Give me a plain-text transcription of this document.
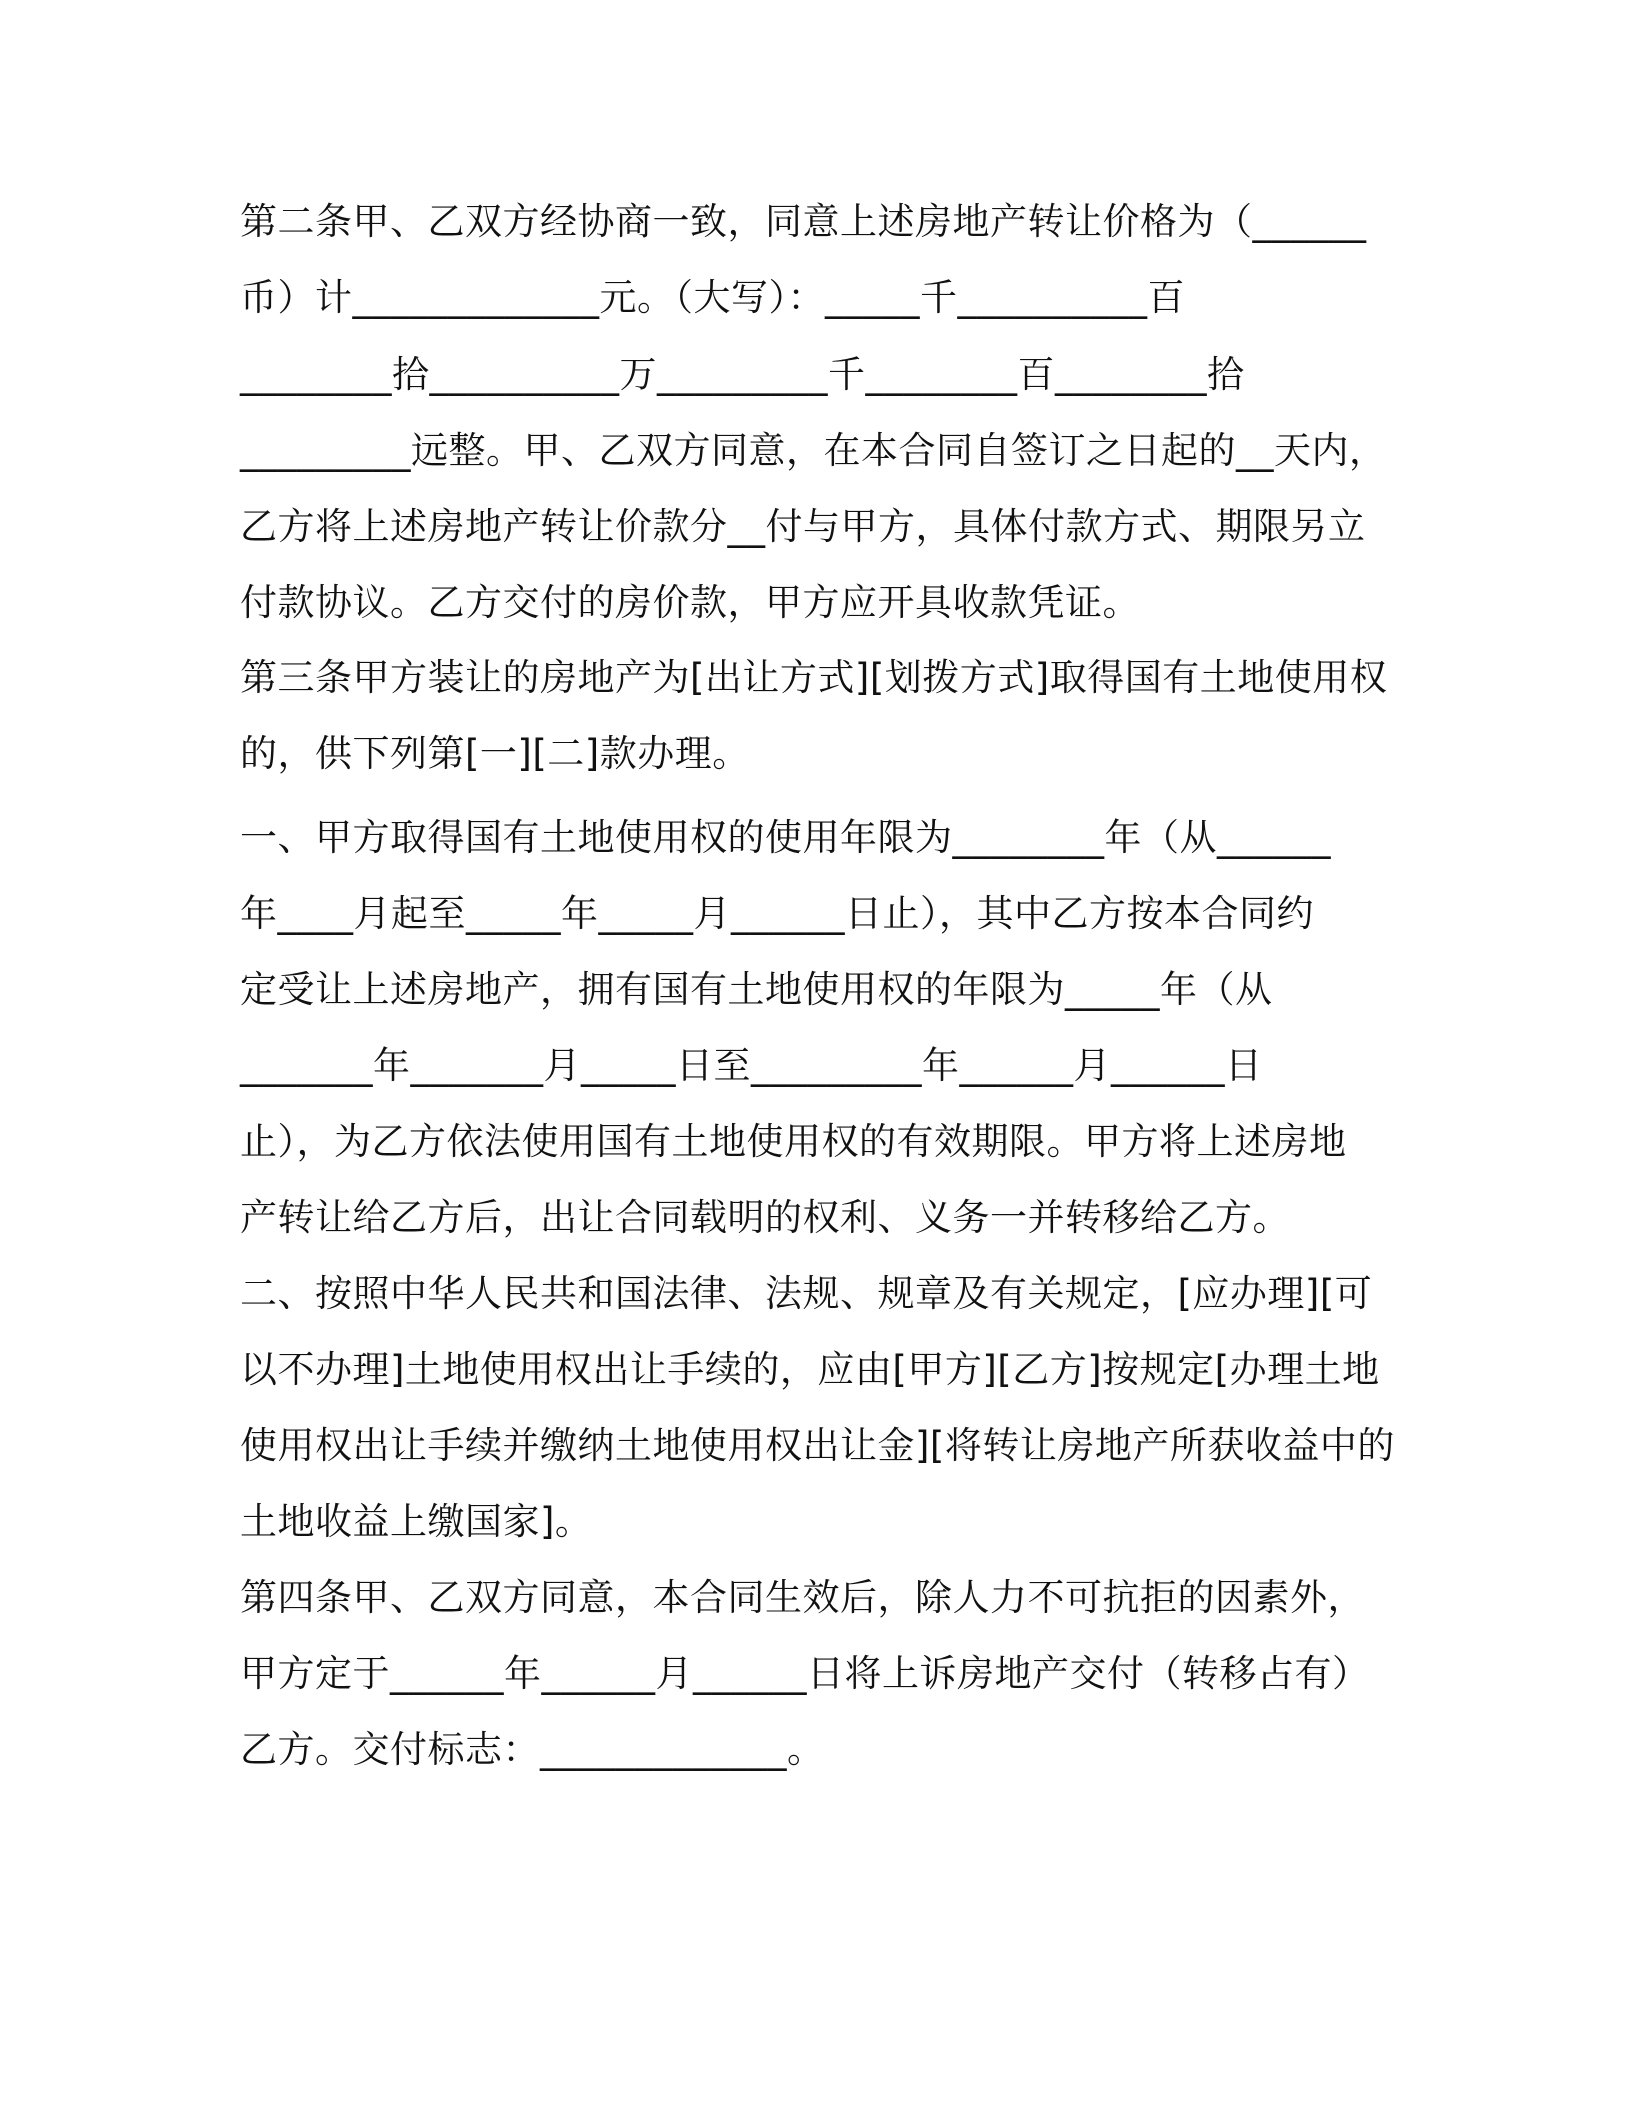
第二条甲、乙双方经协商一致，同意上述房地产转让价格为（______

币）计_____________元。（大写）：_____千__________百

________拾__________万_________千________百________拾

_________远整。甲、乙双方同意，在本合同自签订之日起的__天内，

乙方将上述房地产转让价款分__付与甲方，具体付款方式、期限另立

付款协议。乙方交付的房价款，甲方应开具收款凭证。

第三条甲方装让的房地产为[出让方式][划拨方式]取得国有土地使用权

的，供下列第[一][二]款办理。

一、甲方取得国有土地使用权的使用年限为________年（从______

年____月起至_____年_____月______日止），其中乙方按本合同约

定受让上述房地产，拥有国有土地使用权的年限为_____年（从

_______年_______月_____日至_________年______月______日

止），为乙方依法使用国有土地使用权的有效期限。甲方将上述房地

产转让给乙方后，出让合同载明的权利、义务一并转移给乙方。

二、按照中华人民共和国法律、法规、规章及有关规定，[应办理][可

以不办理]土地使用权出让手续的，应由[甲方][乙方]按规定[办理土地

使用权出让手续并缴纳土地使用权出让金][将转让房地产所获收益中的

土地收益上缴国家]。

第四条甲、乙双方同意，本合同生效后，除人力不可抗拒的因素外，

甲方定于______年______月______日将上诉房地产交付（转移占有）

乙方。交付标志：_____________。
